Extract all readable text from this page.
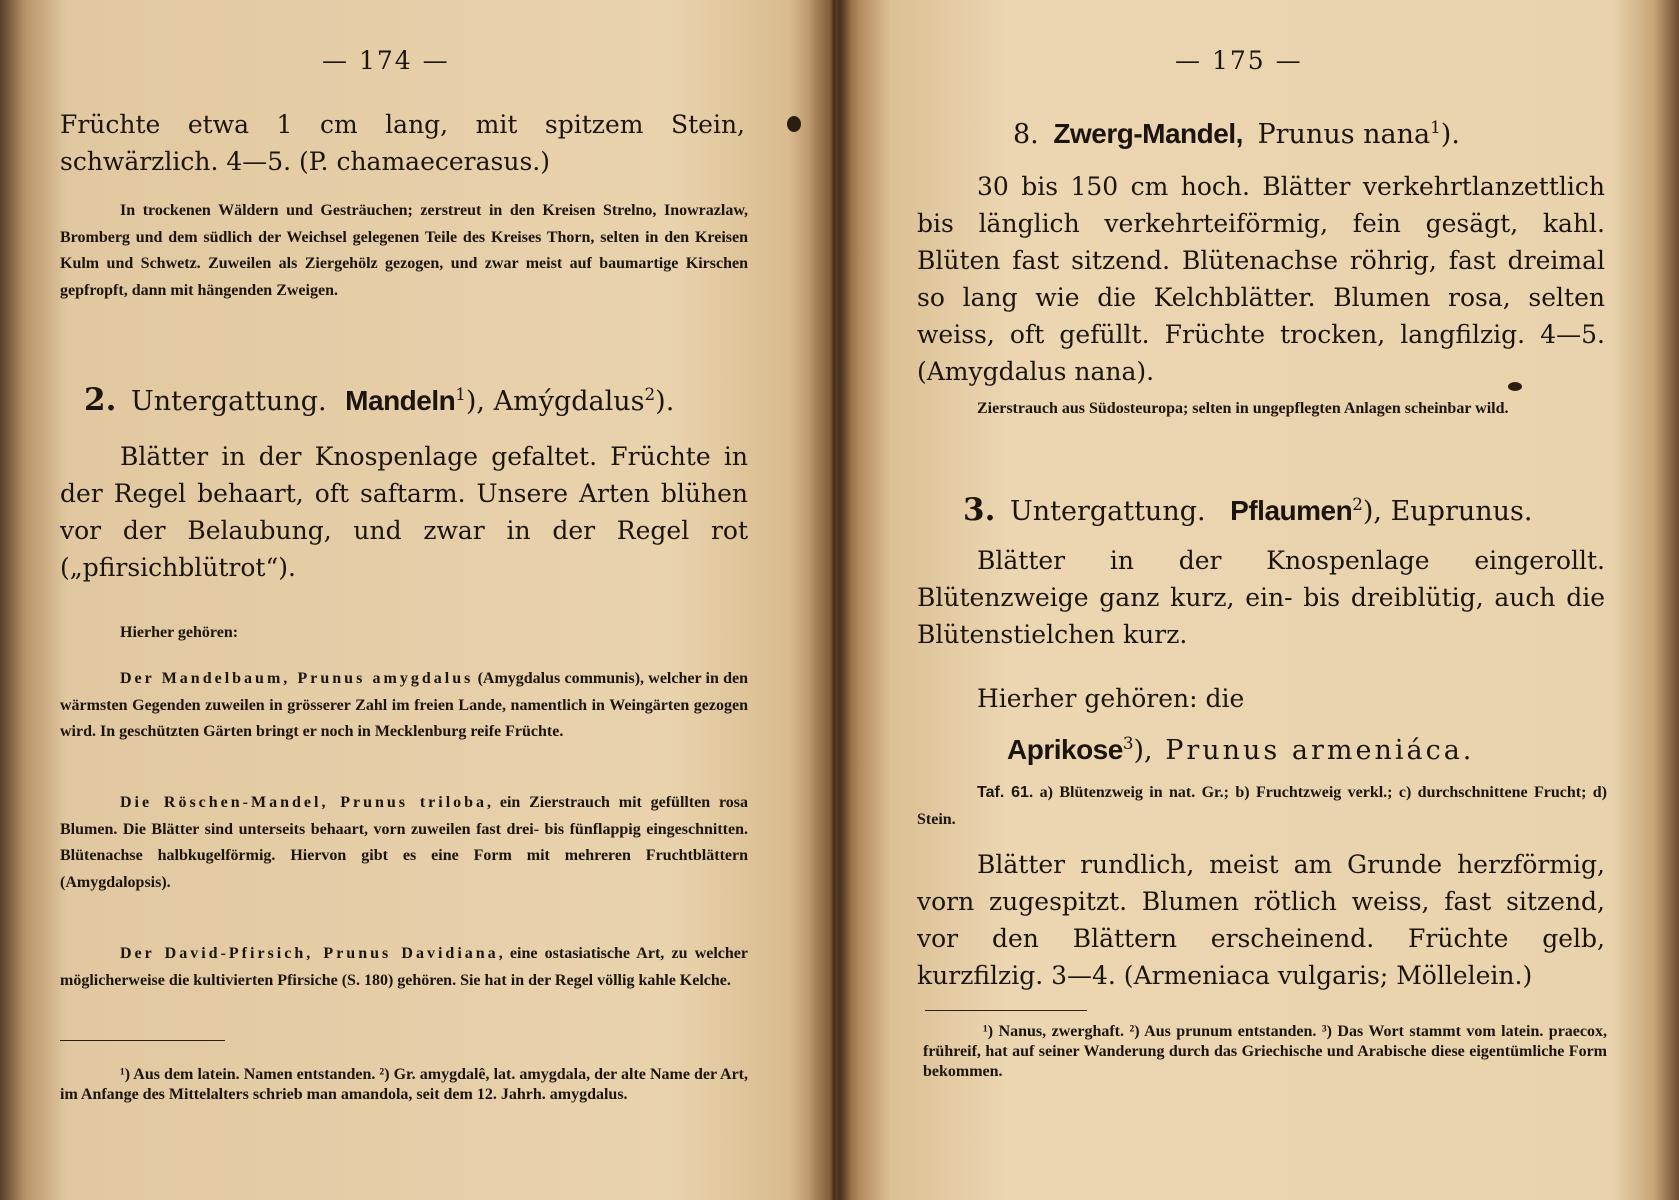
— 174 —
Früchte etwa 1 cm lang, mit spitzem Stein, schwärzlich. 4—5. (P. chamaecerasus.)
In trockenen Wäldern und Gesträuchen; zerstreut in den Kreisen Strelno, Inowrazlaw, Bromberg und dem südlich der Weichsel gelegenen Teile des Kreises Thorn, selten in den Kreisen Kulm und Schwetz. Zuweilen als Ziergehölz gezogen, und zwar meist auf baumartige Kirschen gepfropft, dann mit hängenden Zweigen.
2. Untergattung. Mandeln$^1$), Amýgdalus$^2$).
Blätter in der Knospenlage gefaltet. Früchte in der Regel behaart, oft saftarm. Unsere Arten blühen vor der Belaubung, und zwar in der Regel rot („pfirsichblütrot“).
Hierher gehören:
Der Mandelbaum, Prunus amygdalus (Amygdalus communis), welcher in den wärmsten Gegenden zuweilen in grösserer Zahl im freien Lande, namentlich in Weingärten gezogen wird. In geschützten Gärten bringt er noch in Mecklenburg reife Früchte.
Die Röschen-Mandel, Prunus triloba, ein Zierstrauch mit gefüllten rosa Blumen. Die Blätter sind unterseits behaart, vorn zuweilen fast drei- bis fünflappig eingeschnitten. Blütenachse halbkugelförmig. Hiervon gibt es eine Form mit mehreren Fruchtblättern (Amygdalopsis).
Der David-Pfirsich, Prunus Davidiana, eine ostasiatische Art, zu welcher möglicherweise die kultivierten Pfirsiche (S. 180) gehören. Sie hat in der Regel völlig kahle Kelche.
¹) Aus dem latein. Namen entstanden. ²) Gr. amygdalê, lat. amygdala, der alte Name der Art, im Anfange des Mittelalters schrieb man amandola, seit dem 12. Jahrh. amygdalus.
— 175 —
8. Zwerg-Mandel, Prunus nana$^1$).
30 bis 150 cm hoch. Blätter verkehrtlanzettlich bis länglich verkehrteiförmig, fein gesägt, kahl. Blüten fast sitzend. Blütenachse röhrig, fast dreimal so lang wie die Kelchblätter. Blumen rosa, selten weiss, oft gefüllt. Früchte trocken, langfilzig. 4—5. (Amygdalus nana).
Zierstrauch aus Südosteuropa; selten in ungepflegten Anlagen scheinbar wild.
3. Untergattung. Pflaumen$^2$), Euprunus.
Blätter in der Knospenlage eingerollt. Blütenzweige ganz kurz, ein- bis dreiblütig, auch die Blütenstielchen kurz.
Hierher gehören: die
Aprikose$^3$), Prunus armeniáca.
Taf. 61. a) Blütenzweig in nat. Gr.; b) Fruchtzweig verkl.; c) durchschnittene Frucht; d) Stein.
Blätter rundlich, meist am Grunde herzförmig, vorn zugespitzt. Blumen rötlich weiss, fast sitzend, vor den Blättern erscheinend. Früchte gelb, kurzfilzig. 3—4. (Armeniaca vulgaris; Möllelein.)
¹) Nanus, zwerghaft. ²) Aus prunum entstanden. ³) Das Wort stammt vom latein. praecox, frühreif, hat auf seiner Wanderung durch das Griechische und Arabische diese eigentümliche Form bekommen.
